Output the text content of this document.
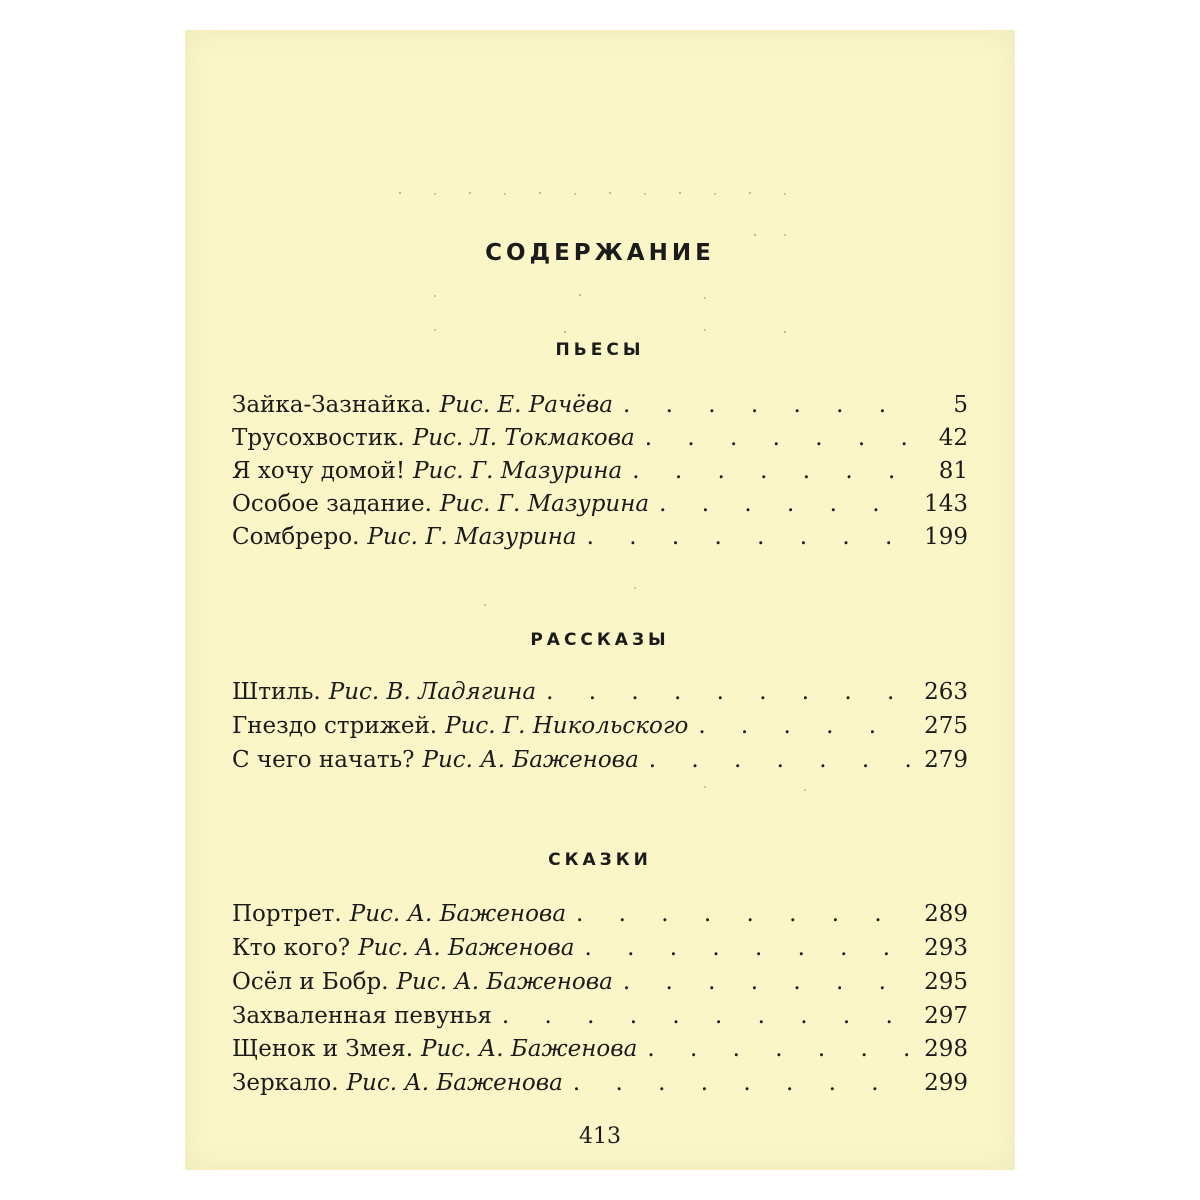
СОДЕРЖАНИЕ
ПЬЕСЫ
Зайка-Зазнайка. Рис. Е. Рачёва . . .	5
Трусохвостик. Рис. Л. Токмакова . . .	42
Я хочу домой! Рис. Г. Мазурина . . .	81
Особое задание. Рис. Г. Мазурина . . .	143
Сомбреро. Рис. Г. Мазурина . . .	199
РАССКАЗЫ
Штиль. Рис. В. Ладягина . . .	263
Гнездо стрижей. Рис. Г. Никольского . . .	275
С чего начать? Рис. А. Баженова . . .	279
СКАЗКИ
Портрет. Рис. А. Баженова . . .	289
Кто кого? Рис. А. Баженова . . .	293
Осёл и Бобр. Рис. А. Баженова . . .	295
Захваленная певунья . . .	297
Щенок и Змея. Рис. А. Баженова . . .	298
Зеркало. Рис. А. Баженова . . .	299
413
